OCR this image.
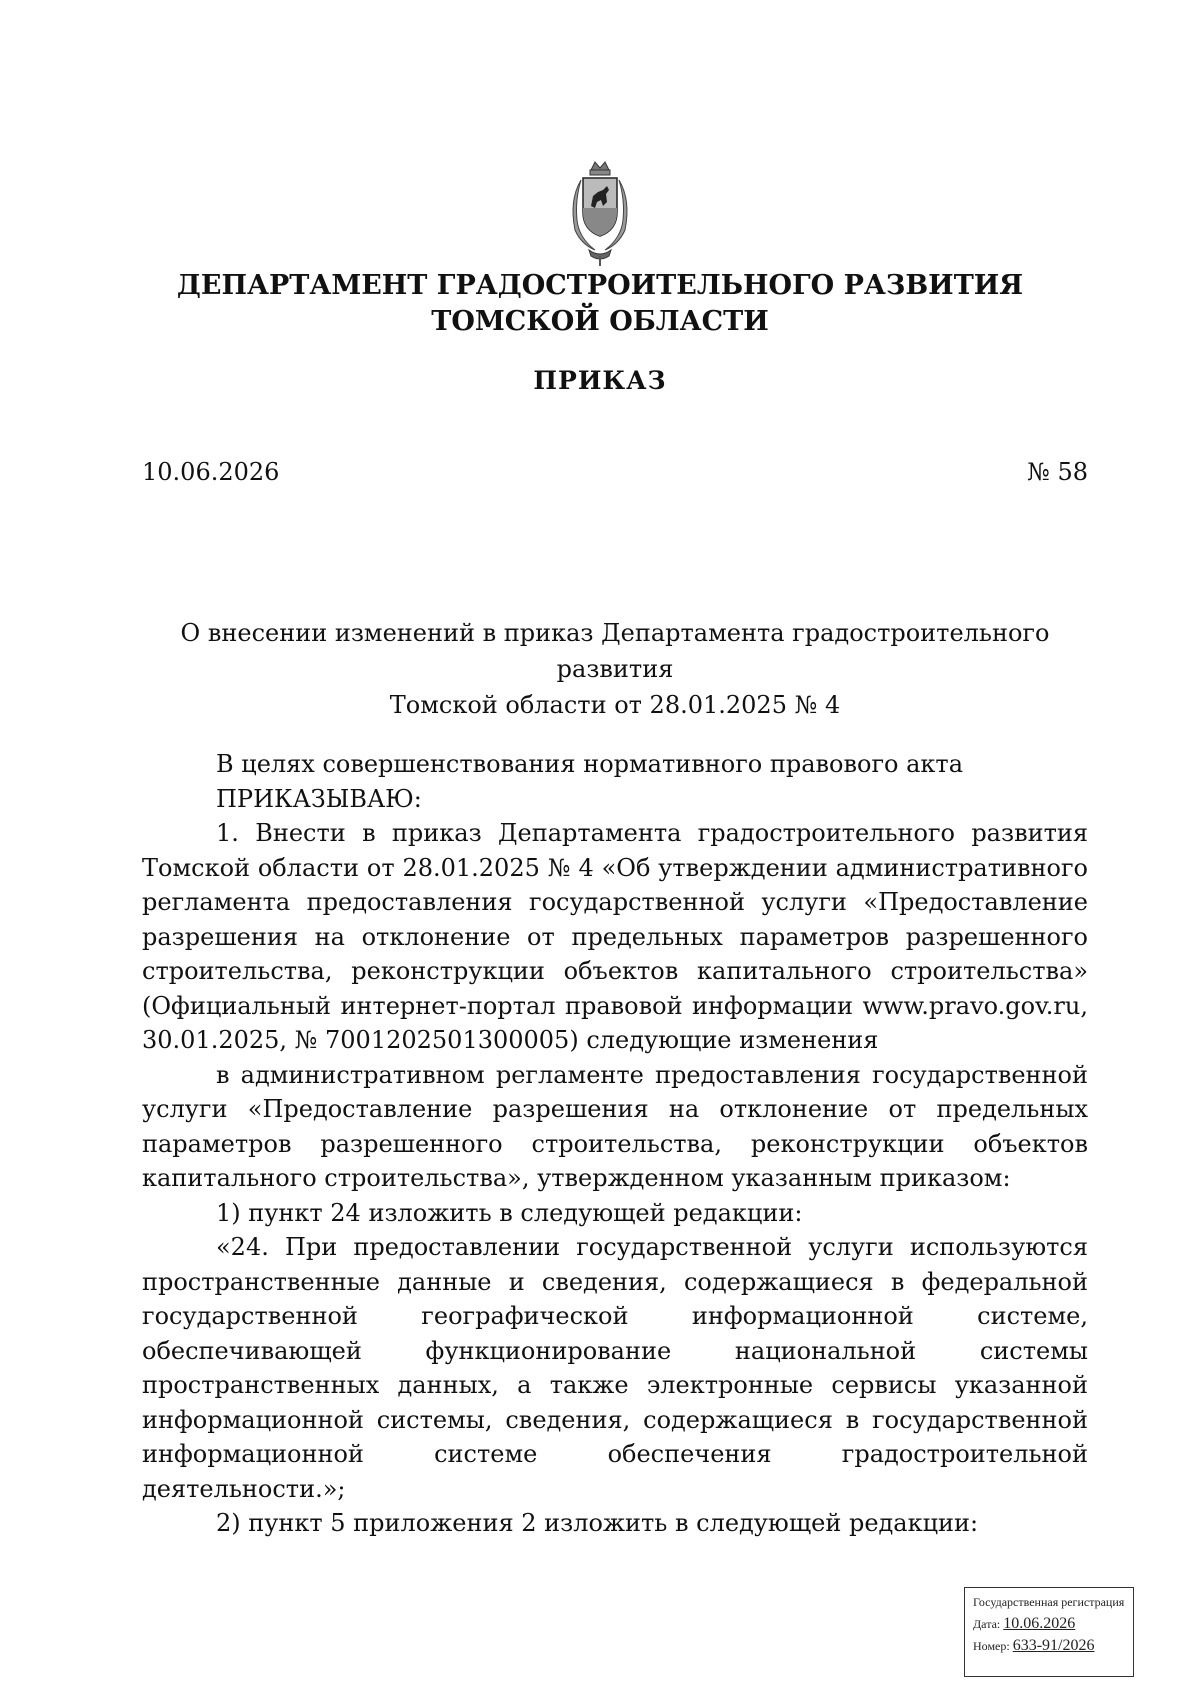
ДЕПАРТАМЕНТ ГРАДОСТРОИТЕЛЬНОГО РАЗВИТИЯ
ТОМСКОЙ ОБЛАСТИ
ПРИКАЗ
10.06.2026	№ 58
О внесении изменений в приказ Департамента градостроительного развития
Томской области от 28.01.2025 № 4

В целях совершенствования нормативного правового акта

ПРИКАЗЫВАЮ:

1. Внести в приказ Департамента градостроительного развития Томской области от 28.01.2025 № 4 «Об утверждении административного регламента предоставления государственной услуги «Предоставление разрешения на отклонение от предельных параметров разрешенного строительства, реконструкции объектов капитального строительства» (Официальный интернет-портал правовой информации www.pravo.gov.ru, 30.01.2025, № 7001202501300005) следующие изменения

в административном регламенте предоставления государственной услуги «Предоставление разрешения на отклонение от предельных параметров разрешенного строительства, реконструкции объектов капитального строительства», утвержденном указанным приказом:

1) пункт 24 изложить в следующей редакции:

«24. При предоставлении государственной услуги используются пространственные данные и сведения, содержащиеся в федеральной государственной географической информационной системе, обеспечивающей функционирование национальной системы пространственных данных, а также электронные сервисы указанной информационной системы, сведения, содержащиеся в государственной информационной системе обеспечения градостроительной деятельности.»;

2) пункт 5 приложения 2 изложить в следующей редакции:

Государственная регистрация
Дата: 10.06.2026
Номер: 633-91/2026
